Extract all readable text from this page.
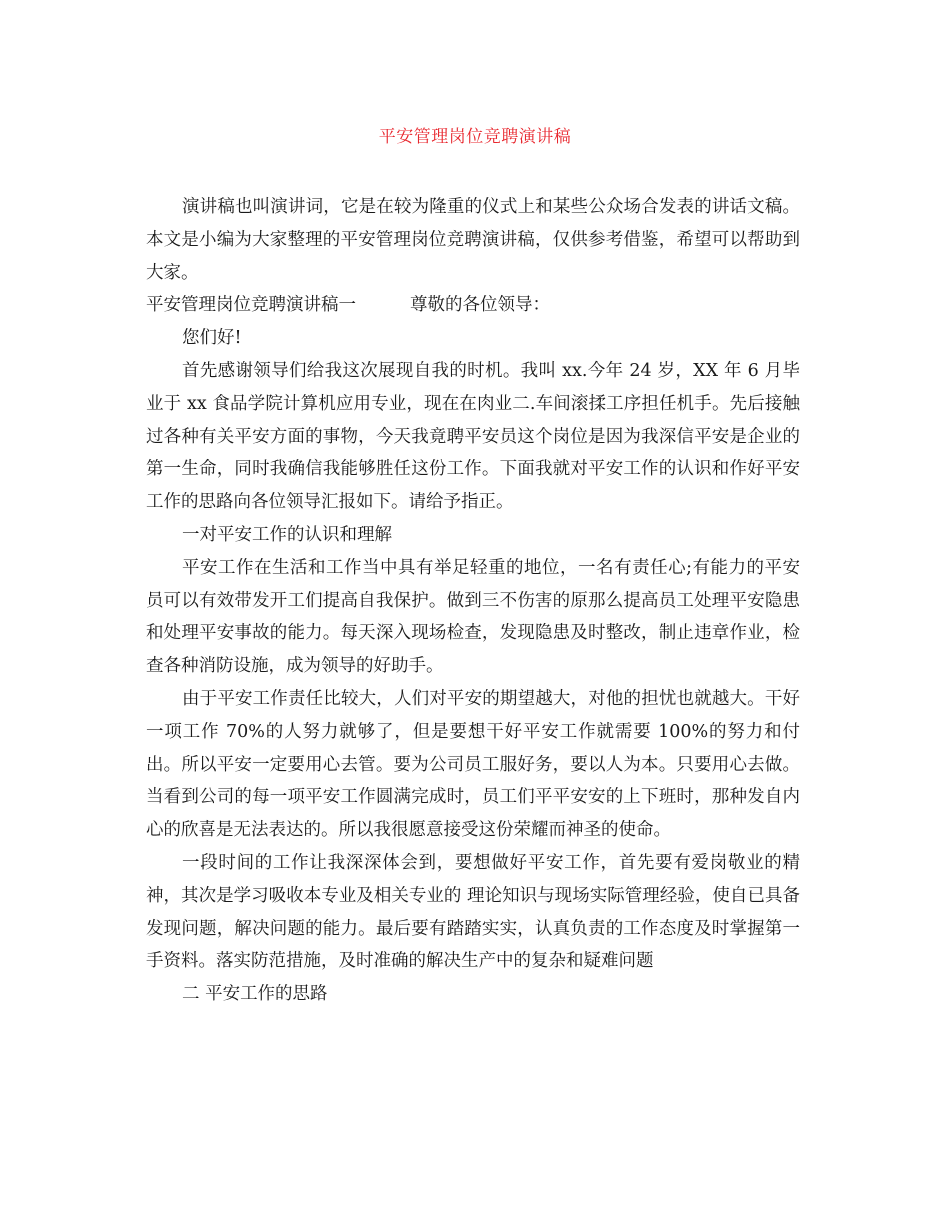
平安管理岗位竞聘演讲稿

演讲稿也叫演讲词，它是在较为隆重的仪式上和某些公众场合发表的讲话文稿。 本文是小编为大家整理的平安管理岗位竞聘演讲稿，仅供参考借鉴，希望可以帮助到大家。

平安管理岗位竞聘演讲稿一	尊敬的各位领导：

您们好!

首先感谢领导们给我这次展现自我的时机。我叫 xx.今年 24 岁，XX 年 6 月毕业于 xx 食品学院计算机应用专业，现在在肉业二.车间滚揉工序担任机手。先后接触过各种有关平安方面的事物，今天我竟聘平安员这个岗位是因为我深信平安是企业的第一生命，同时我确信我能够胜任这份工作。下面我就对平安工作的认识和作好平安工作的思路向各位领导汇报如下。请给予指正。

一对平安工作的认识和理解

平安工作在生活和工作当中具有举足轻重的地位，一名有责任心;有能力的平安员可以有效带发开工们提高自我保护。做到三不伤害的原那么提高员工处理平安隐患和处理平安事故的能力。每天深入现场检查，发现隐患及时整改，制止违章作业，检查各种消防设施，成为领导的好助手。

由于平安工作责任比较大，人们对平安的期望越大，对他的担忧也就越大。干好一项工作 70%的人努力就够了，但是要想干好平安工作就需要 100%的努力和付出。所以平安一定要用心去管。要为公司员工服好务，要以人为本。只要用心去做。当看到公司的每一项平安工作圆满完成时，员工们平平安安的上下班时，那种发自内心的欣喜是无法表达的。所以我很愿意接受这份荣耀而神圣的使命。

一段时间的工作让我深深体会到，要想做好平安工作，首先要有爱岗敬业的精神，其次是学习吸收本专业及相关专业的 理论知识与现场实际管理经验，使自已具备发现问题，解决问题的能力。最后要有踏踏实实，认真负责的工作态度及时掌握第一手资料。落实防范措施，及时准确的解决生产中的复杂和疑难问题

二 平安工作的思路
